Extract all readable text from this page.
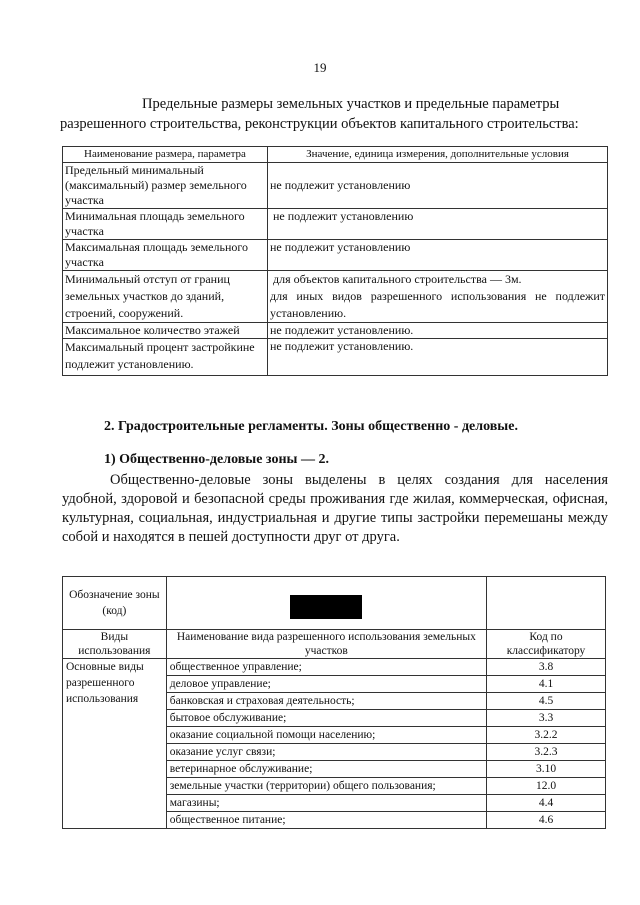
19
Предельные размеры земельных участков и предельные параметры
разрешенного строительства, реконструкции объектов капитального строительства:
Наименование размера, параметра	Значение, единица измерения, дополнительные условия
Предельный минимальный (максимальный) размер земельного участка	не подлежит установлению
Минимальная площадь земельного участка	не подлежит установлению
Максимальная площадь земельного участка	не подлежит установлению
Минимальный отступ от границ земельных участков до зданий, строений, сооружений.	для объектов капитального строительства — 3м.
для иных видов разрешенного использования не подлежит установлению.

Максимальное количество этажей	не подлежит установлению.
Максимальный процент застройкине подлежит установлению.	не подлежит установлению.
2. Градостроительные регламенты. Зоны общественно - деловые.
1) Общественно-деловые зоны — 2.
Общественно-деловые зоны выделены в целях создания для населения удобной, здоровой и безопасной среды проживания где жилая, коммерческая, офисная, культурная, социальная, индустриальная и другие типы застройки перемешаны между собой и находятся в пешей доступности друг от друга.
Обозначение зоны (код)		
Виды использования	Наименование вида разрешенного использования земельных участков	Код по классификатору
Основные виды разрешенного использования	общественное управление;	3.8
	деловое управление;	4.1
	банковская и страховая деятельность;	4.5
	бытовое обслуживание;	3.3
	оказание социальной помощи населению;	3.2.2
	оказание услуг связи;	3.2.3
	ветеринарное обслуживание;	3.10
	земельные участки (территории) общего пользования;	12.0
	магазины;	4.4
	общественное питание;	4.6
